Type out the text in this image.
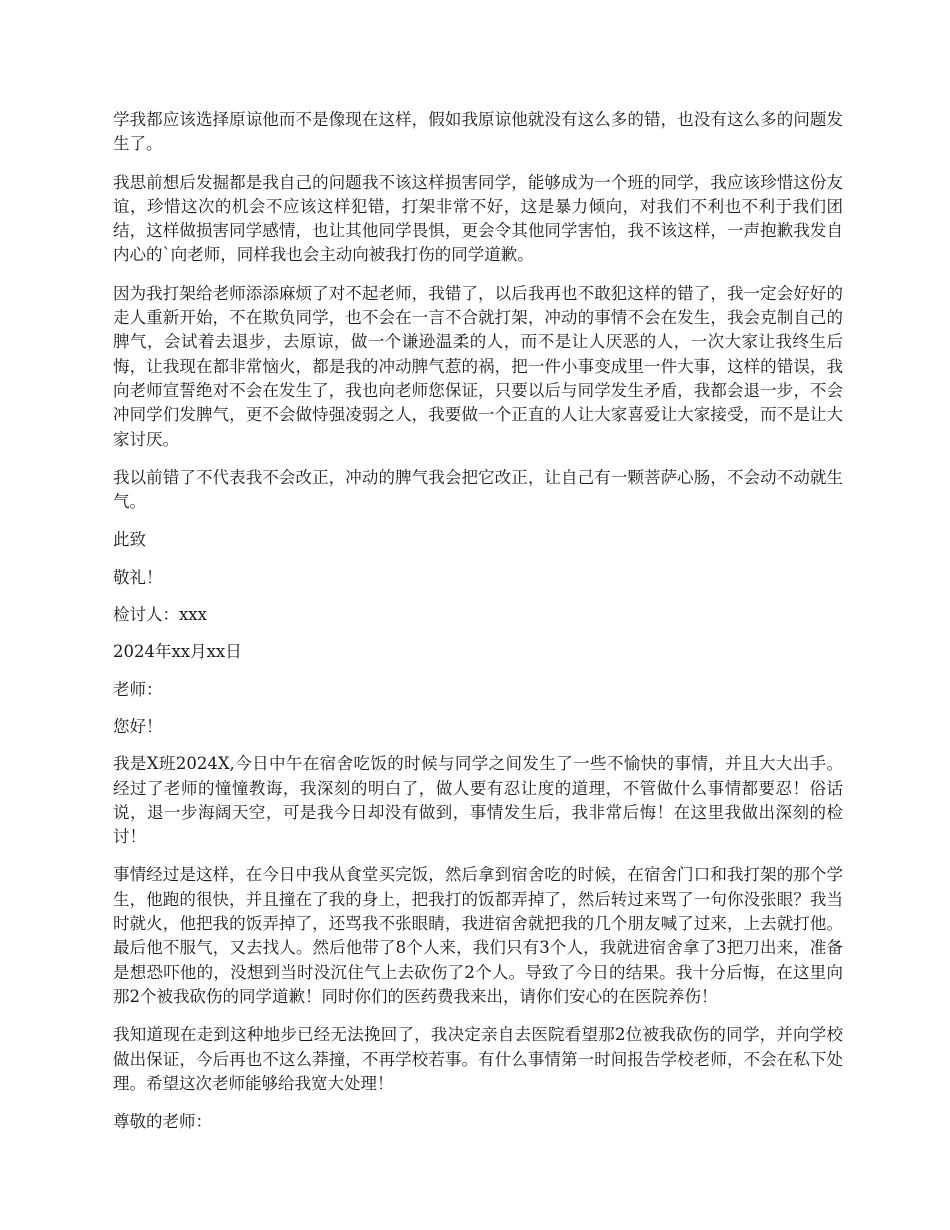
学我都应该选择原谅他而不是像现在这样，假如我原谅他就没有这么多的错，也没有这么多的问题发生了。

我思前想后发掘都是我自己的问题我不该这样损害同学，能够成为一个班的同学，我应该珍惜这份友谊，珍惜这次的机会不应该这样犯错，打架非常不好，这是暴力倾向，对我们不利也不利于我们团结，这样做损害同学感情，也让其他同学畏惧，更会令其他同学害怕，我不该这样，一声抱歉我发自内心的`向老师，同样我也会主动向被我打伤的同学道歉。

因为我打架给老师添添麻烦了对不起老师，我错了，以后我再也不敢犯这样的错了，我一定会好好的走人重新开始，不在欺负同学，也不会在一言不合就打架，冲动的事情不会在发生，我会克制自己的脾气，会试着去退步，去原谅，做一个谦逊温柔的人，而不是让人厌恶的人，一次大家让我终生后悔，让我现在都非常恼火，都是我的冲动脾气惹的祸，把一件小事变成里一件大事，这样的错误，我向老师宣誓绝对不会在发生了，我也向老师您保证，只要以后与同学发生矛盾，我都会退一步，不会冲同学们发脾气，更不会做恃强凌弱之人，我要做一个正直的人让大家喜爱让大家接受，而不是让大家讨厌。

我以前错了不代表我不会改正，冲动的脾气我会把它改正，让自己有一颗菩萨心肠，不会动不动就生气。

此致

敬礼！

检讨人：xxx

2024年xx月xx日

老师：

您好！

我是X班2024X,今日中午在宿舍吃饭的时候与同学之间发生了一些不愉快的事情，并且大大出手。经过了老师的憧憧教诲，我深刻的明白了，做人要有忍让度的道理，不管做什么事情都要忍！俗话说，退一步海阔天空，可是我今日却没有做到，事情发生后，我非常后悔！在这里我做出深刻的检讨！

事情经过是这样，在今日中我从食堂买完饭，然后拿到宿舍吃的时候，在宿舍门口和我打架的那个学生，他跑的很快，并且撞在了我的身上，把我打的饭都弄掉了，然后转过来骂了一句你没张眼？我当时就火，他把我的饭弄掉了，还骂我不张眼睛，我进宿舍就把我的几个朋友喊了过来，上去就打他。最后他不服气，又去找人。然后他带了8个人来，我们只有3个人，我就进宿舍拿了3把刀出来，准备是想恐吓他的，没想到当时没沉住气上去砍伤了2个人。导致了今日的结果。我十分后悔，在这里向那2个被我砍伤的同学道歉！同时你们的医药费我来出，请你们安心的在医院养伤！

我知道现在走到这种地步已经无法挽回了，我决定亲自去医院看望那2位被我砍伤的同学，并向学校做出保证，今后再也不这么莽撞，不再学校若事。有什么事情第一时间报告学校老师，不会在私下处理。希望这次老师能够给我宽大处理！

尊敬的老师：
